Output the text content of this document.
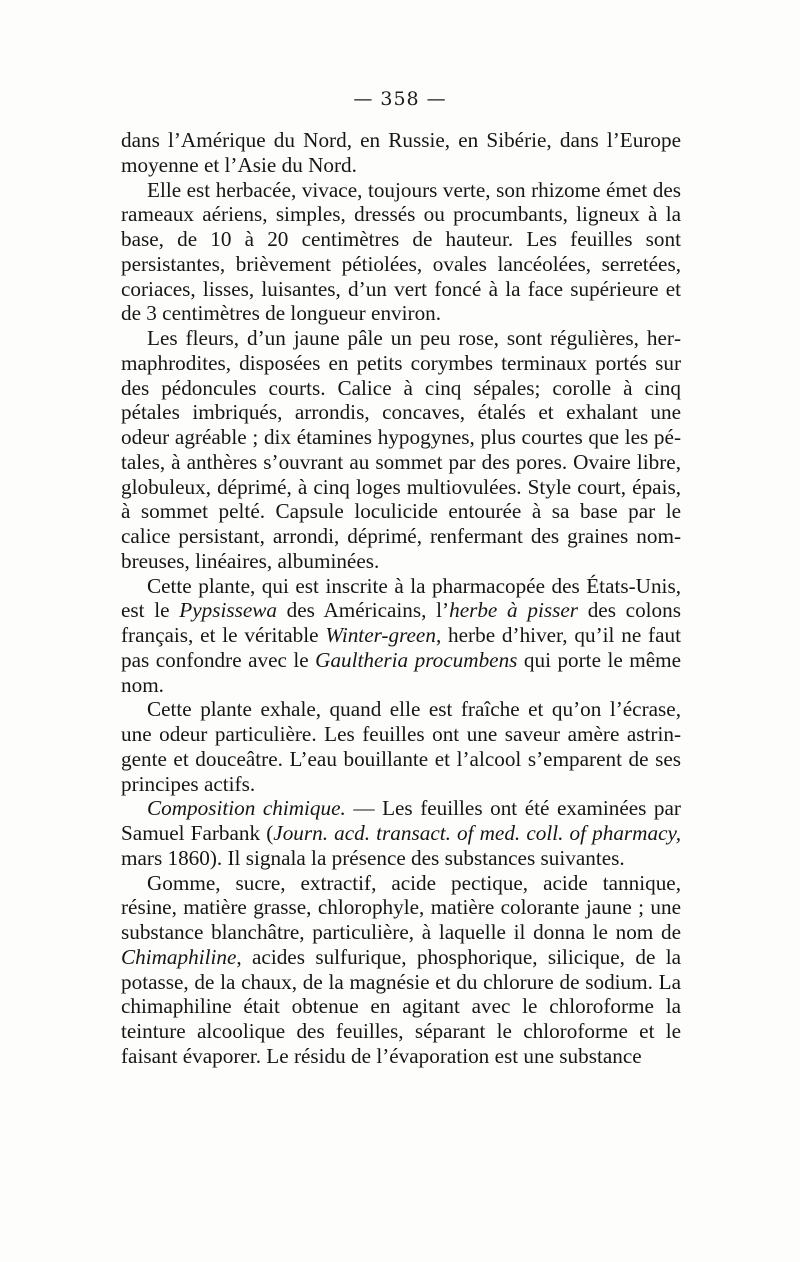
— 358 —

dans l’Amérique du Nord, en Russie, en Sibérie, dans l’Europe moyenne et l’Asie du Nord.

Elle est herbacée, vivace, toujours verte, son rhizome émet des rameaux aériens, simples, dressés ou procumbants, ligneux à la base, de 10 à 20 centimètres de hauteur. Les feuilles sont persistantes, brièvement pétiolées, ovales lancéolées, serretées, coriaces, lisses, luisantes, d’un vert foncé à la face supérieure et de 3 centimètres de longueur environ.

Les fleurs, d’un jaune pâle un peu rose, sont régulières, hermaphrodites, disposées en petits corymbes terminaux portés sur des pédoncules courts. Calice à cinq sépales; corolle à cinq pétales imbriqués, arrondis, concaves, étalés et exhalant une odeur agréable ; dix étamines hypogynes, plus courtes que les pétales, à anthères s’ouvrant au sommet par des pores. Ovaire libre, globuleux, déprimé, à cinq loges multiovulées. Style court, épais, à sommet pelté. Capsule loculicide entourée à sa base par le calice persistant, arrondi, déprimé, renfermant des graines nombreuses, linéaires, albuminées.

Cette plante, qui est inscrite à la pharmacopée des États-Unis, est le Pypsissewa des Américains, l’herbe à pisser des colons français, et le véritable Winter-green, herbe d’hiver, qu’il ne faut pas confondre avec le Gaultheria procumbens qui porte le même nom.

Cette plante exhale, quand elle est fraîche et qu’on l’écrase, une odeur particulière. Les feuilles ont une saveur amère astringente et douceâtre. L’eau bouillante et l’alcool s’emparent de ses principes actifs.

Composition chimique. — Les feuilles ont été examinées par Samuel Farbank (Journ. acd. transact. of med. coll. of pharmacy, mars 1860). Il signala la présence des substances suivantes.

Gomme, sucre, extractif, acide pectique, acide tannique, résine, matière grasse, chlorophyle, matière colorante jaune ; une substance blanchâtre, particulière, à laquelle il donna le nom de Chimaphiline, acides sulfurique, phosphorique, silicique, de la potasse, de la chaux, de la magnésie et du chlorure de sodium. La chimaphiline était obtenue en agitant avec le chloroforme la teinture alcoolique des feuilles, séparant le chloroforme et le faisant évaporer. Le résidu de l’évaporation est une substance
